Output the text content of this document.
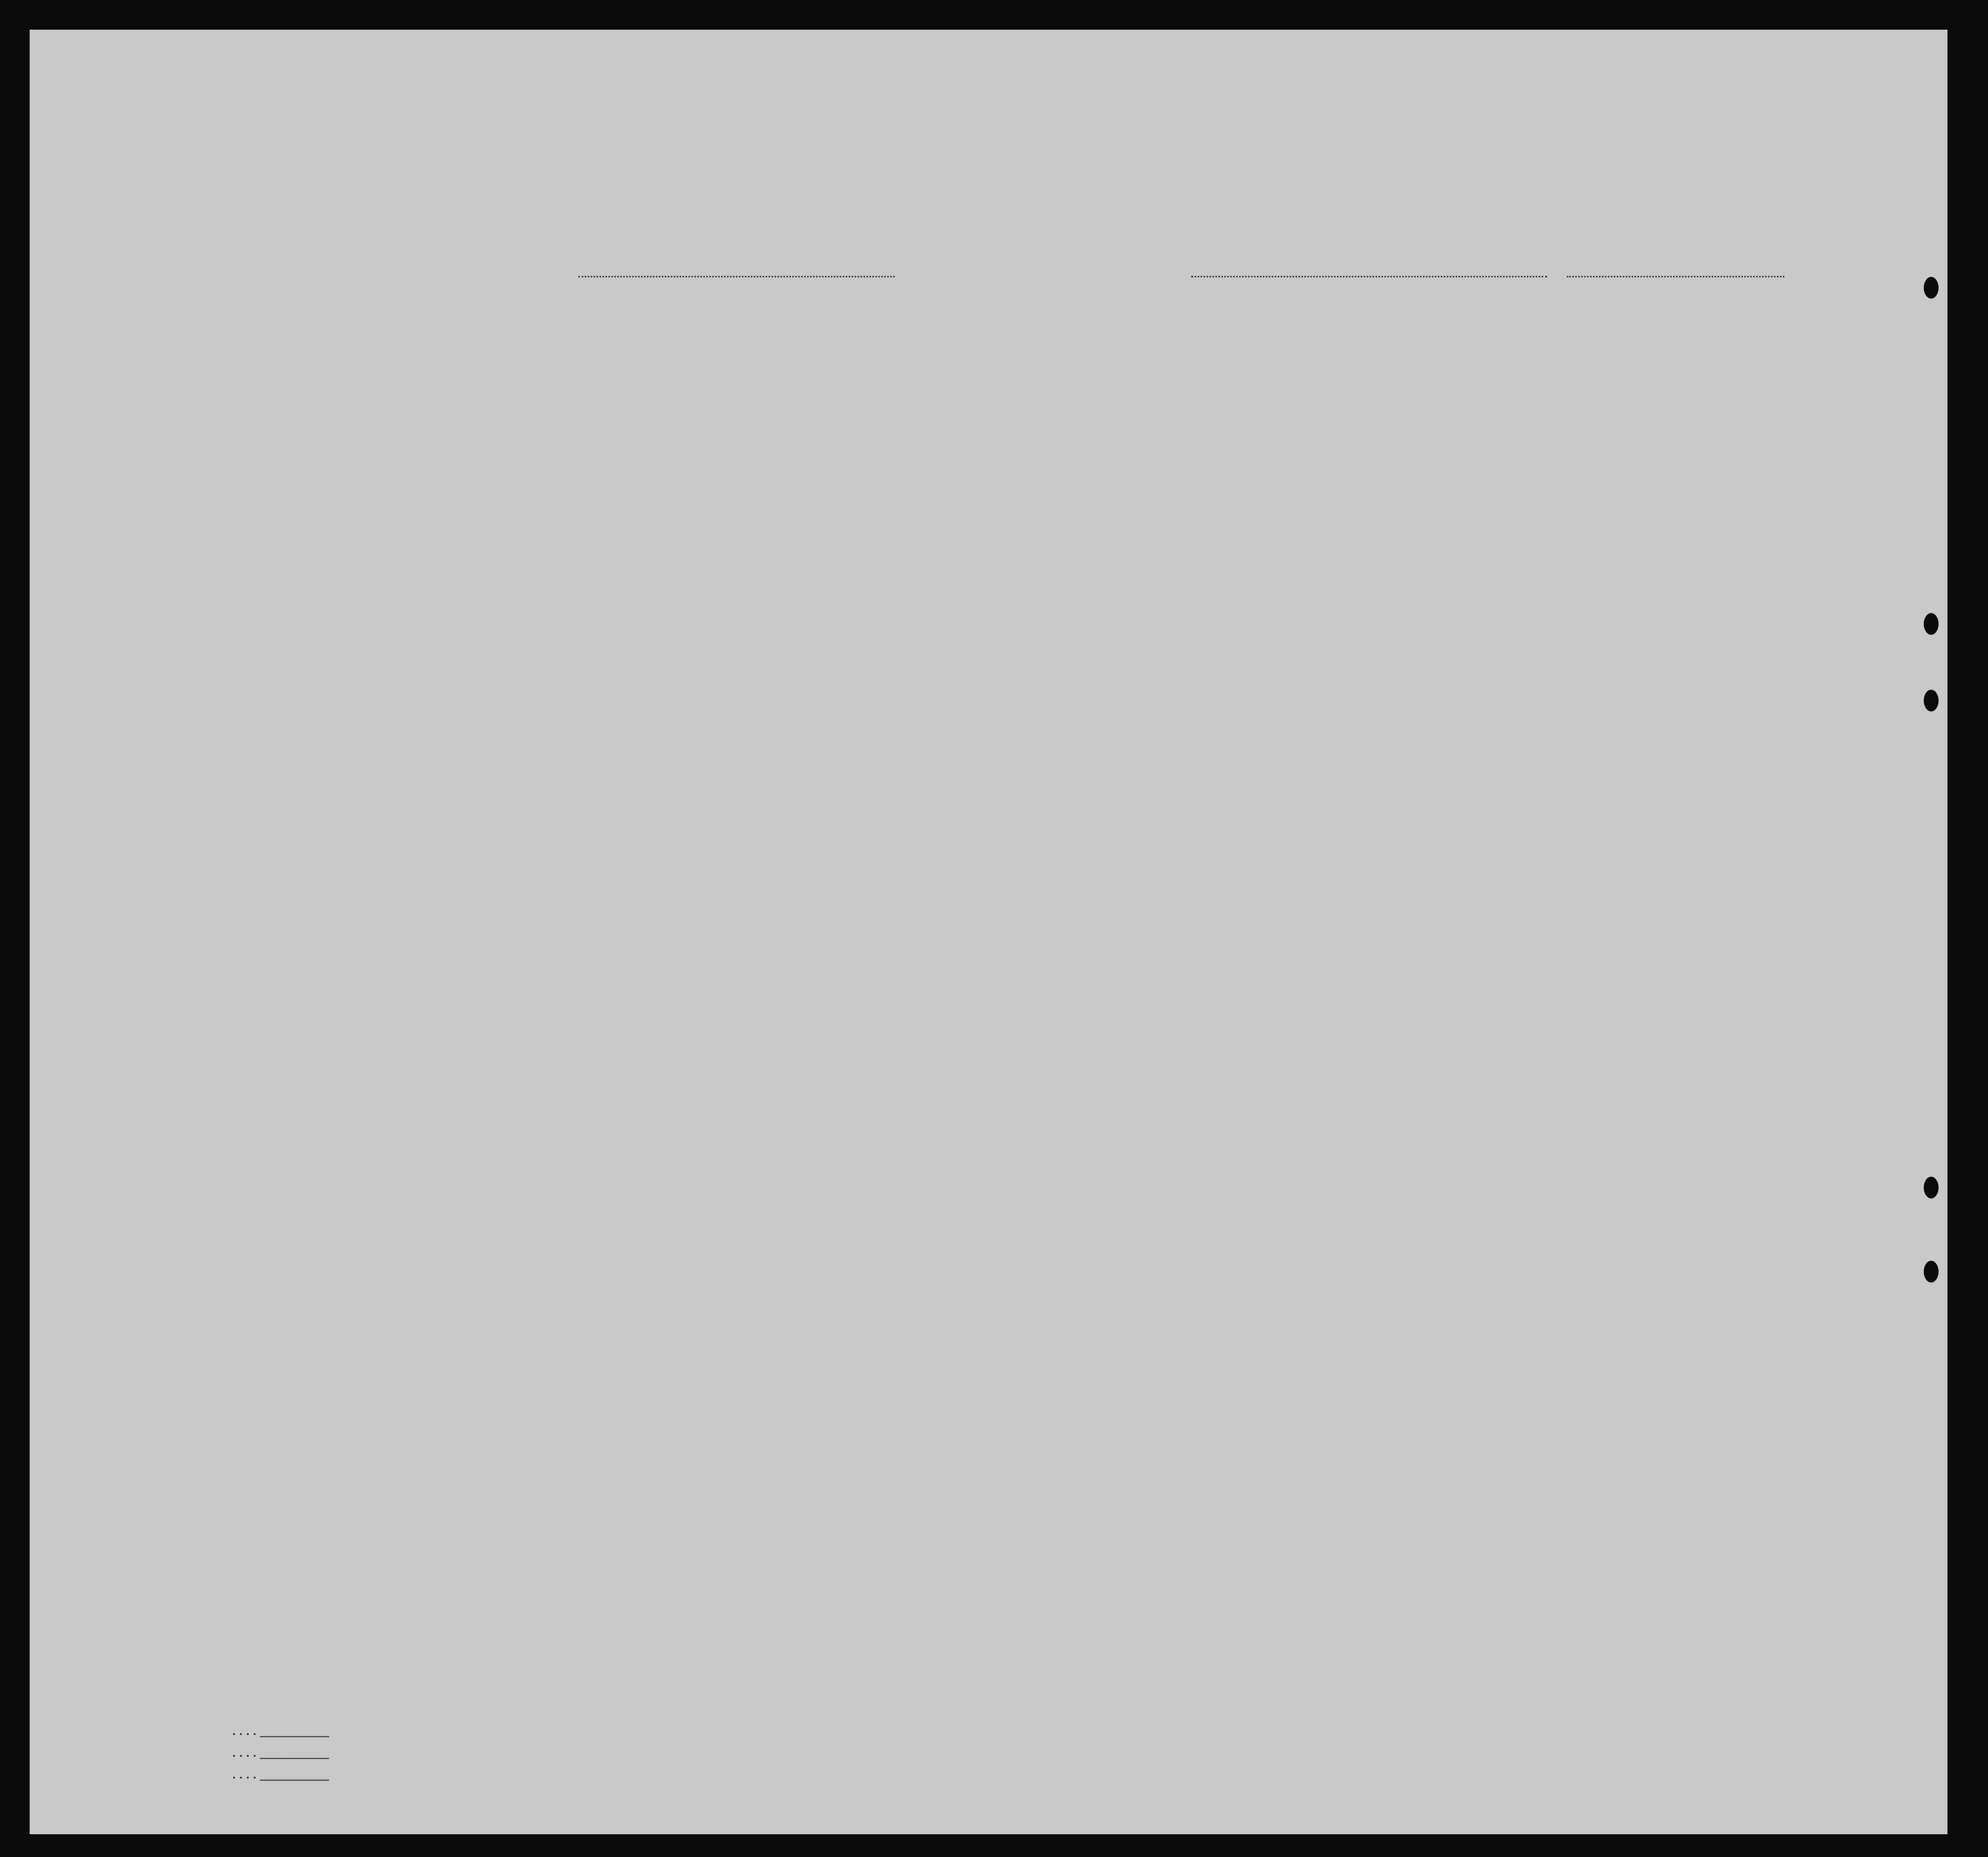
. . . . ______________
. . . . ______________
. . . . ______________
